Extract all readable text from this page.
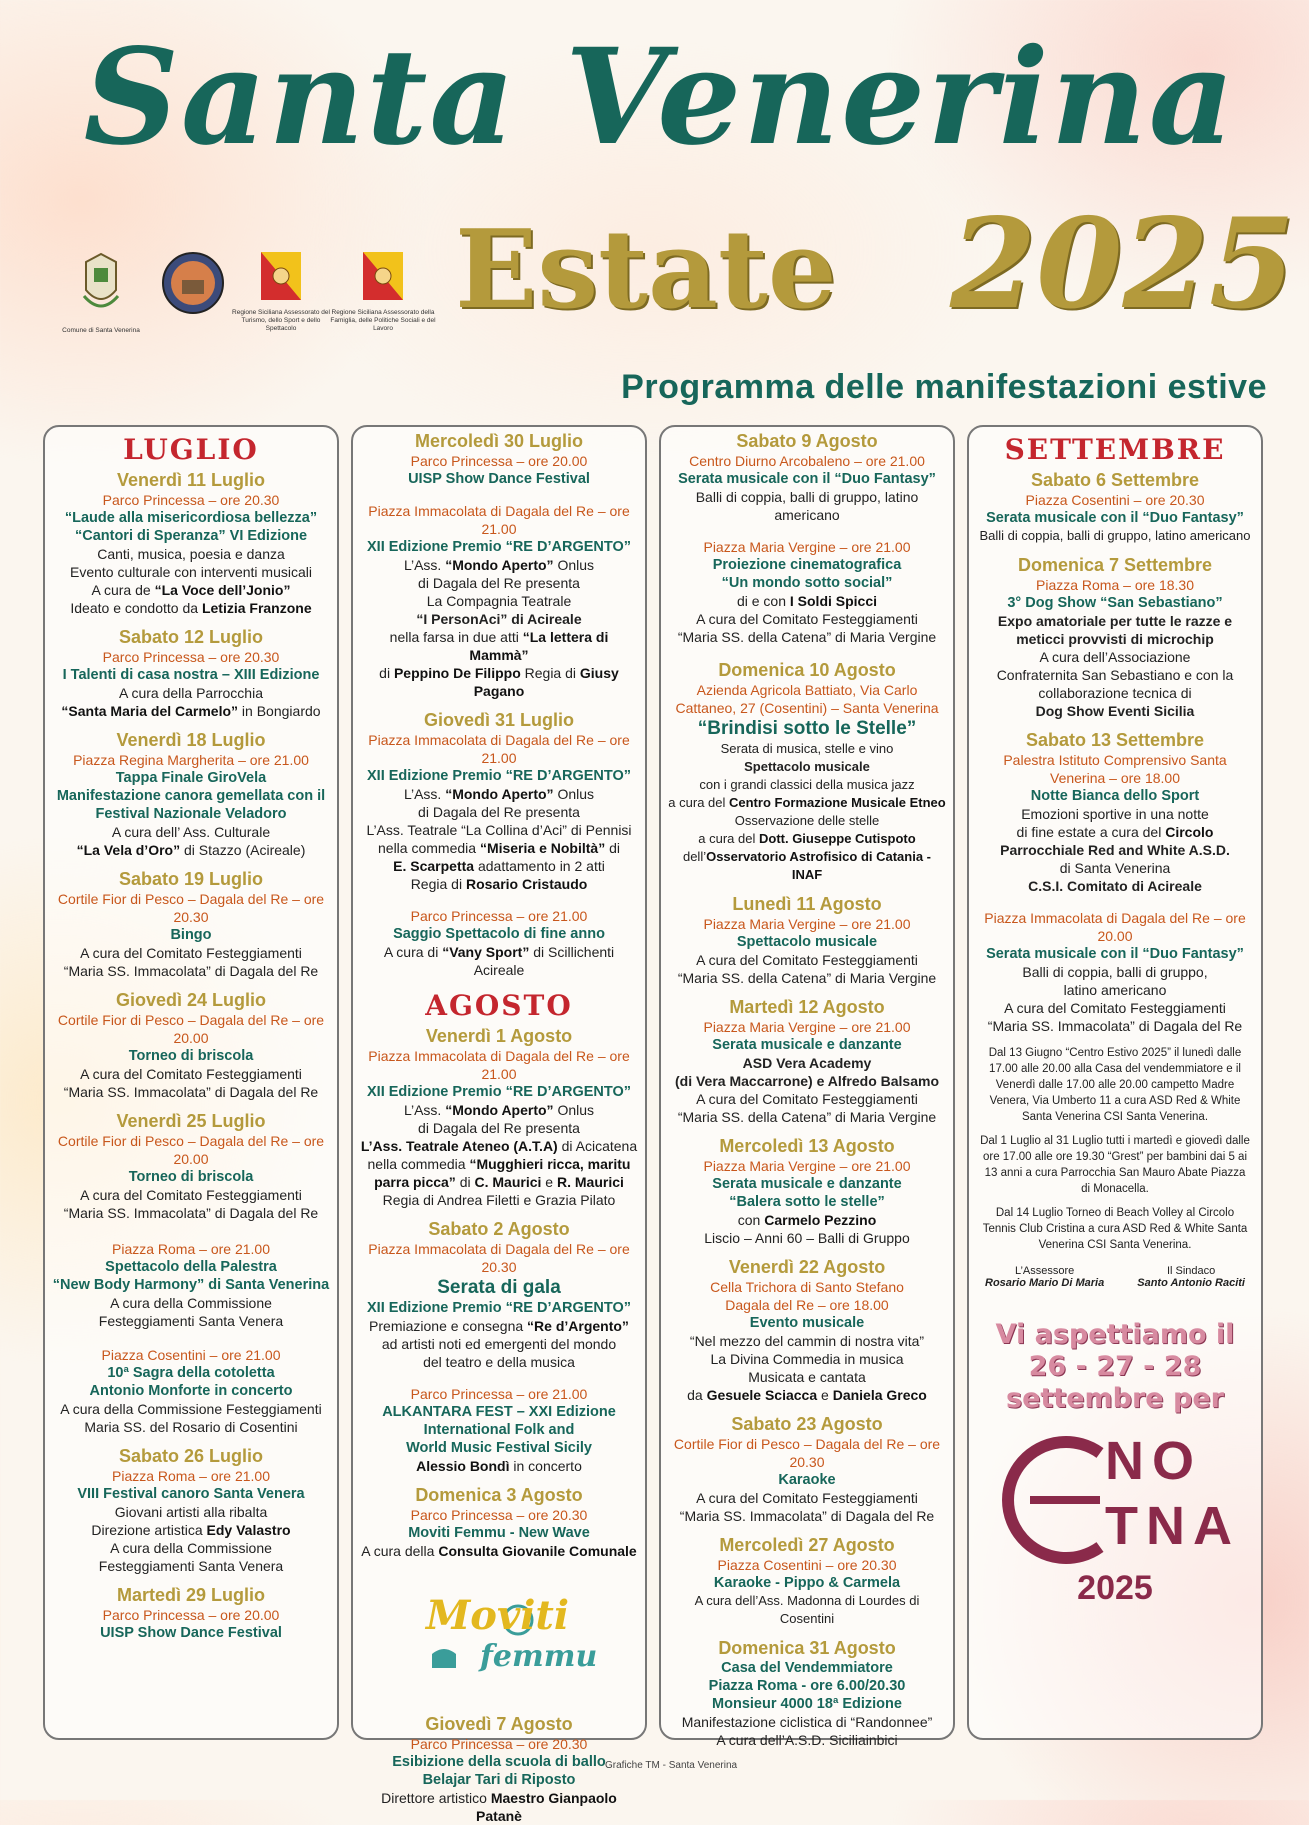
Santa Venerina
Estate 2025
Programma delle manifestazioni estive
Comune di Santa Venerina
Regione Siciliana Assessorato del Turismo, dello Sport e dello Spettacolo
Regione Siciliana Assessorato della Famiglia, delle Politiche Sociali e del Lavoro
LUGLIO
Venerdì 11 Luglio
Parco Princessa – ore 20.30
“Laude alla misericordiosa bellezza”
“Cantori di Speranza” VI Edizione
Canti, musica, poesia e danza
Evento culturale con interventi musicali
A cura de “La Voce dell’Jonio”
Ideato e condotto da Letizia Franzone
Sabato 12 Luglio
Parco Princessa – ore 20.30
I Talenti di casa nostra – XIII Edizione
A cura della Parrocchia
“Santa Maria del Carmelo” in Bongiardo
Venerdì 18 Luglio
Piazza Regina Margherita – ore 21.00
Tappa Finale GiroVela
Manifestazione canora gemellata con il
Festival Nazionale Veladoro
A cura dell’ Ass. Culturale
“La Vela d’Oro” di Stazzo (Acireale)
Sabato 19 Luglio
Cortile Fior di Pesco – Dagala del Re – ore 20.30
Bingo
A cura del Comitato Festeggiamenti
“Maria SS. Immacolata” di Dagala del Re
Giovedì 24 Luglio
Cortile Fior di Pesco – Dagala del Re – ore 20.00
Torneo di briscola
A cura del Comitato Festeggiamenti
“Maria SS. Immacolata” di Dagala del Re
Venerdì 25 Luglio
Cortile Fior di Pesco – Dagala del Re – ore 20.00
Torneo di briscola
A cura del Comitato Festeggiamenti
“Maria SS. Immacolata” di Dagala del Re
Piazza Roma – ore 21.00
Spettacolo della Palestra
“New Body Harmony” di Santa Venerina
A cura della Commissione
Festeggiamenti Santa Venera
Piazza Cosentini – ore 21.00
10ª Sagra della cotoletta
Antonio Monforte in concerto
A cura della Commissione Festeggiamenti
Maria SS. del Rosario di Cosentini
Sabato 26 Luglio
Piazza Roma – ore 21.00
VIII Festival canoro Santa Venera
Giovani artisti alla ribalta
Direzione artistica Edy Valastro
A cura della Commissione
Festeggiamenti Santa Venera
Martedì 29 Luglio
Parco Princessa – ore 20.00
UISP Show Dance Festival
Mercoledì 30 Luglio
Parco Princessa – ore 20.00
UISP Show Dance Festival
Piazza Immacolata di Dagala del Re – ore 21.00
XII Edizione Premio “RE D’ARGENTO”
L’Ass. “Mondo Aperto” Onlus
di Dagala del Re presenta
La Compagnia Teatrale
“I PersonAci” di Acireale
nella farsa in due atti “La lettera di Mammà”
di Peppino De Filippo Regia di Giusy Pagano
Giovedì 31 Luglio
Piazza Immacolata di Dagala del Re – ore 21.00
XII Edizione Premio “RE D’ARGENTO”
L’Ass. “Mondo Aperto” Onlus
di Dagala del Re presenta
L’Ass. Teatrale “La Collina d’Aci” di Pennisi
nella commedia “Miseria e Nobiltà” di
E. Scarpetta adattamento in 2 atti
Regia di Rosario Cristaudo
Parco Princessa – ore 21.00
Saggio Spettacolo di fine anno
A cura di “Vany Sport” di Scillichenti Acireale
AGOSTO
Venerdì 1 Agosto
Piazza Immacolata di Dagala del Re – ore 21.00
XII Edizione Premio “RE D’ARGENTO”
L’Ass. “Mondo Aperto” Onlus
di Dagala del Re presenta
L’Ass. Teatrale Ateneo (A.T.A) di Acicatena
nella commedia “Mugghieri ricca, maritu
parra picca” di C. Maurici e R. Maurici
Regia di Andrea Filetti e Grazia Pilato
Sabato 2 Agosto
Piazza Immacolata di Dagala del Re – ore 20.30
Serata di gala
XII Edizione Premio “RE D’ARGENTO”
Premiazione e consegna “Re d’Argento”
ad artisti noti ed emergenti del mondo
del teatro e della musica
Parco Princessa – ore 21.00
ALKANTARA FEST – XXI Edizione
International Folk and
World Music Festival Sicily
Alessio Bondì in concerto
Domenica 3 Agosto
Parco Princessa – ore 20.30
Moviti Femmu - New Wave
A cura della Consulta Giovanile Comunale
Moviti
femmu
Giovedì 7 Agosto
Parco Princessa – ore 20.30
Esibizione della scuola di ballo
Belajar Tari di Riposto
Direttore artistico Maestro Gianpaolo Patanè
Sabato 9 Agosto
Centro Diurno Arcobaleno – ore 21.00
Serata musicale con il “Duo Fantasy”
Balli di coppia, balli di gruppo, latino americano
Piazza Maria Vergine – ore 21.00
Proiezione cinematografica
“Un mondo sotto social”
di e con I Soldi Spicci
A cura del Comitato Festeggiamenti
“Maria SS. della Catena” di Maria Vergine
Domenica 10 Agosto
Azienda Agricola Battiato, Via Carlo
Cattaneo, 27 (Cosentini) – Santa Venerina
“Brindisi sotto le Stelle”
Serata di musica, stelle e vino
Spettacolo musicale
con i grandi classici della musica jazz
a cura del Centro Formazione Musicale Etneo
Osservazione delle stelle
a cura del Dott. Giuseppe Cutispoto
dell’Osservatorio Astrofisico di Catania - INAF
Lunedì 11 Agosto
Piazza Maria Vergine – ore 21.00
Spettacolo musicale
A cura del Comitato Festeggiamenti
“Maria SS. della Catena” di Maria Vergine
Martedì 12 Agosto
Piazza Maria Vergine – ore 21.00
Serata musicale e danzante
ASD Vera Academy
(di Vera Maccarrone) e Alfredo Balsamo
A cura del Comitato Festeggiamenti
“Maria SS. della Catena” di Maria Vergine
Mercoledì 13 Agosto
Piazza Maria Vergine – ore 21.00
Serata musicale e danzante
“Balera sotto le stelle”
con Carmelo Pezzino
Liscio – Anni 60 – Balli di Gruppo
Venerdì 22 Agosto
Cella Trichora di Santo Stefano
Dagala del Re – ore 18.00
Evento musicale
“Nel mezzo del cammin di nostra vita”
La Divina Commedia in musica
Musicata e cantata
da Gesuele Sciacca e Daniela Greco
Sabato 23 Agosto
Cortile Fior di Pesco – Dagala del Re – ore 20.30
Karaoke
A cura del Comitato Festeggiamenti
“Maria SS. Immacolata” di Dagala del Re
Mercoledì 27 Agosto
Piazza Cosentini – ore 20.30
Karaoke - Pippo & Carmela
A cura dell’Ass. Madonna di Lourdes di Cosentini
Domenica 31 Agosto
Casa del Vendemmiatore
Piazza Roma - ore 6.00/20.30
Monsieur 4000 18ª Edizione
Manifestazione ciclistica di “Randonnee”
A cura dell’A.S.D. Siciliainbici
SETTEMBRE
Sabato 6 Settembre
Piazza Cosentini – ore 20.30
Serata musicale con il “Duo Fantasy”
Balli di coppia, balli di gruppo, latino americano
Domenica 7 Settembre
Piazza Roma – ore 18.30
3° Dog Show “San Sebastiano”
Expo amatoriale per tutte le razze e
meticci provvisti di microchip
A cura dell’Associazione
Confraternita San Sebastiano e con la
collaborazione tecnica di
Dog Show Eventi Sicilia
Sabato 13 Settembre
Palestra Istituto Comprensivo Santa
Venerina – ore 18.00
Notte Bianca dello Sport
Emozioni sportive in una notte
di fine estate a cura del Circolo
Parrocchiale Red and White A.S.D.
di Santa Venerina
C.S.I. Comitato di Acireale
Piazza Immacolata di Dagala del Re – ore 20.00
Serata musicale con il “Duo Fantasy”
Balli di coppia, balli di gruppo,
latino americano
A cura del Comitato Festeggiamenti
“Maria SS. Immacolata” di Dagala del Re
Dal 13 Giugno “Centro Estivo 2025” il lunedì dalle 17.00 alle 20.00 alla Casa del vendemmiatore e il Venerdì dalle 17.00 alle 20.00 campetto Madre Venera, Via Umberto 11 a cura ASD Red & White Santa Venerina CSI Santa Venerina.
Dal 1 Luglio al 31 Luglio tutti i martedì e giovedì dalle ore 17.00 alle ore 19.30 “Grest” per bambini dai 5 ai 13 anni a cura Parrocchia San Mauro Abate Piazza di Monacella.
Dal 14 Luglio Torneo di Beach Volley al Circolo Tennis Club Cristina a cura ASD Red & White Santa Venerina CSI Santa Venerina.
L’Assessore
Rosario Mario Di Maria
Il Sindaco
Santo Antonio Raciti
Vi aspettiamo il
26 - 27 - 28
settembre per
NO
TNA
2025
Grafiche TM - Santa Venerina
